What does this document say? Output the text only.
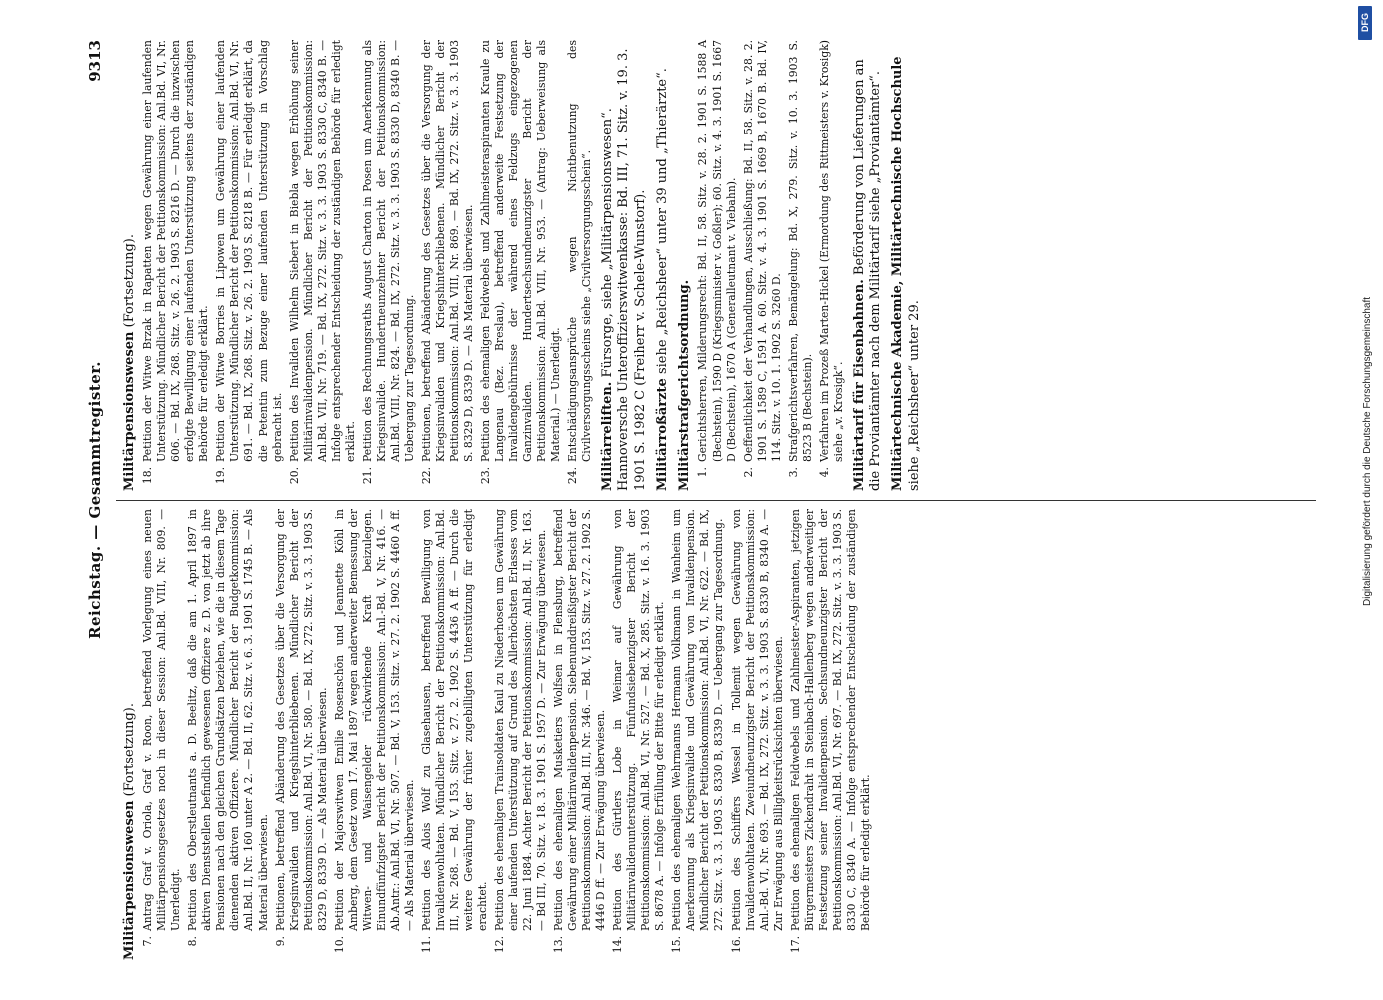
Reichstag. — Gesammtregister.
9313
Militärpensionswesen (Fortsetzung).
7.
Antrag Graf v. Oriola, Graf v. Roon, betreffend Vorlegung eines neuen Militärpensionsgesetzes noch in dieser Session: Anl.Bd. VIII, Nr. 809. — Unerledigt.
8.
Petition des Oberstleutnants a. D. Beelitz, daß die am 1. April 1897 in aktiven Dienststellen befindlich gewesenen Offiziere z. D. von jetzt ab ihre Pensionen nach den gleichen Grundsätzen beziehen, wie die in diesem Tage dienenden aktiven Offiziere. Mündlicher Bericht der Budgetkommission: Anl.Bd. II, Nr. 160 unter A 2. — Bd. II, 62. Sitz. v. 6. 3. 1901 S. 1745 B. — Als Material überwiesen.
9.
Petitionen, betreffend Abänderung des Gesetzes über die Versorgung der Kriegsinvaliden und Kriegshinterbliebenen. Mündlicher Bericht der Petitionskommission: Anl.Bd. VI, Nr. 580. — Bd. IX, 272. Sitz. v. 3. 3. 1903 S. 8329 D, 8339 D. — Als Material überwiesen.
10.
Petition der Majorswitwen Emilie Rosenschön und Jeannette Köhl in Amberg, dem Gesetz vom 17. Mai 1897 wegen anderweiter Bemessung der Witwen- und Waisengelder rückwirkende Kraft beizulegen. Einundfünfzigster Bericht der Petitionskommission: Anl.-Bd. V, Nr. 416. — Ab.Antr.: Anl.Bd. VI, Nr. 507. — Bd. V, 153. Sitz. v. 27. 2. 1902 S. 4460 A ff. — Als Material überwiesen.
11.
Petition des Alois Wolf zu Glasehausen, betreffend Bewilligung von Invalidenwohltaten. Mündlicher Bericht der Petitionskommission: Anl.Bd. III, Nr. 268. — Bd. V, 153. Sitz. v. 27. 2. 1902 S. 4436 A ff. — Durch die weitere Gewährung der früher zugebilligten Unterstützung für erledigt erachtet.
12.
Petition des ehemaligen Trainsoldaten Kaul zu Niederhosen um Gewährung einer laufenden Unterstützung auf Grund des Allerhöchsten Erlasses vom 22. Juni 1884. Achter Bericht der Petitionskommission: Anl.Bd. II, Nr. 163. — Bd III, 70. Sitz. v. 18. 3. 1901 S. 1957 D. — Zur Erwägung überwiesen.
13.
Petition des ehemaligen Musketiers Wolfsen in Flensburg, betreffend Gewährung einer Militärinvalidenpension. Siebenunddreißigster Bericht der Petitionskommission: Anl.Bd. III, Nr. 346. — Bd. V, 153. Sitz. v. 27. 2. 1902 S. 4446 D ff. — Zur Erwägung überwiesen.
14.
Petition des Gürtlers Lobe in Weimar auf Gewährung von Militärinvalidenunterstützung. Fünfundsiebenzigster Bericht der Petitionskommission: Anl.Bd. VI, Nr. 527. — Bd. X, 285. Sitz. v. 16. 3. 1903 S. 8678 A. — Infolge Erfüllung der Bitte für erledigt erklärt.
15.
Petition des ehemaligen Wehrmanns Hermann Volkmann in Wanheim um Anerkennung als Kriegsinvalide und Gewährung von Invalidenpension. Mündlicher Bericht der Petitionskommission: Anl.Bd. VI, Nr. 622. — Bd. IX, 272. Sitz. v. 3. 3. 1903 S. 8330 B, 8339 D. — Uebergang zur Tagesordnung.
16.
Petition des Schiffers Wessel in Tollemit wegen Gewährung von Invalidenwohltaten. Zweiundneunzigster Bericht der Petitionskommission: Anl.-Bd. VI, Nr. 693. — Bd. IX, 272. Sitz. v. 3. 3. 1903 S. 8330 B, 8340 A. — Zur Erwägung aus Billigkeitsrücksichten überwiesen.
17.
Petition des ehemaligen Feldwebels und Zahlmeister-Aspiranten, jetzigen Bürgermeisters Zickendraht in Steinbach-Hallenberg wegen anderweitiger Festsetzung seiner Invalidenpension. Sechsundneunzigster Bericht der Petitionskommission: Anl.Bd. VI, Nr. 697. — Bd. IX, 272. Sitz. v. 3. 3. 1903 S. 8330 C, 8340 A. — Infolge entsprechender Entscheidung der zuständigen Behörde für erledigt erklärt.
Militärpensionswesen (Fortsetzung).
18.
Petition der Witwe Brzak in Rapatten wegen Gewährung einer laufenden Unterstützung. Mündlicher Bericht der Petitionskommission: Anl.Bd. VI, Nr. 606. — Bd. IX, 268. Sitz. v. 26. 2. 1903 S. 8216 D. — Durch die inzwischen erfolgte Bewilligung einer laufenden Unterstützung seitens der zuständigen Behörde für erledigt erklärt.
19.
Petition der Witwe Borries in Lipowen um Gewährung einer laufenden Unterstützung. Mündlicher Bericht der Petitionskommission: Anl.Bd. VI, Nr. 691. — Bd. IX, 268. Sitz. v. 26. 2. 1903 S. 8218 B. — Für erledigt erklärt, da die Petentin zum Bezuge einer laufenden Unterstützung in Vorschlag gebracht ist.
20.
Petition des Invaliden Wilhelm Siebert in Biebla wegen Erhöhung seiner Militärinvalidenpension. Mündlicher Bericht der Petitionskommission: Anl.Bd. VII, Nr. 719. — Bd. IX, 272. Sitz. v. 3. 3. 1903 S. 8330 C, 8340 B. — Infolge entsprechender Entscheidung der zuständigen Behörde für erledigt erklärt.
21.
Petition des Rechnungsraths August Charton in Posen um Anerkennung als Kriegsinvalide. Hundertneunzehnter Bericht der Petitionskommission: Anl.Bd. VIII, Nr. 824. — Bd. IX, 272. Sitz. v. 3. 3. 1903 S. 8330 D, 8340 B. — Uebergang zur Tagesordnung.
22.
Petitionen, betreffend Abänderung des Gesetzes über die Versorgung der Kriegsinvaliden und Kriegshinterbliebenen. Mündlicher Bericht der Petitionskommission: Anl.Bd. VIII, Nr. 869. — Bd. IX, 272. Sitz. v. 3. 3. 1903 S. 8329 D, 8339 D. — Als Material überwiesen.
23.
Petition des ehemaligen Feldwebels und Zahlmeisteraspiranten Kraule zu Langenau (Bez. Breslau), betreffend anderweite Festsetzung der Invalidengebührnisse der während eines Feldzugs eingezogenen Ganzinvaliden. Hundertsechsundneunzigster Bericht der Petitionskommission: Anl.Bd. VIII, Nr. 953. — (Antrag: Ueberweisung als Material.) — Unerledigt.
24.
Entschädigungsansprüche wegen Nichtbenutzung des Civilversorgungsscheins siehe „Civilversorgungsschein“. Militärreliften. Fürsorge, siehe „Militärpensionswesen“. Hannoversche Unteroffizierswitwenkasse: Bd. III, 71. Sitz. v. 19. 3. 1901 S. 1982 C (Freiherr v. Schele-Wunstorf). Militärroßärzte siehe „Reichsheer“ unter 39 und „Thierärzte“.
Militärstrafgerichtsordnung. 1.
Gerichtsherren, Milderungsrecht: Bd. II, 58. Sitz. v. 28. 2. 1901 S. 1588 A (Bechstein), 1590 D (Kriegsminister v. Goßler); 60. Sitz. v. 4. 3. 1901 S. 1667 D (Bechstein), 1670 A (Generalleutnant v. Viebahn).
2.
Oeffentlichkeit der Verhandlungen, Ausschließung: Bd. II, 58. Sitz. v. 28. 2. 1901 S. 1589 C, 1591 A. 60. Sitz. v. 4. 3. 1901 S. 1669 B, 1670 B. Bd. IV, 114. Sitz. v. 10. 1. 1902 S. 3260 D.
3.
Strafgerichtsverfahren, Bemängelung: Bd. X, 279. Sitz. v. 10. 3. 1903 S. 8523 B (Bechstein).
4.
Verfahren im Prozeß Marten-Hickel (Ermordung des Rittmeisters v. Krosigk) siehe „v. Krosigk“. Militärtarif für Eisenbahnen. Beförderung von Lieferungen an die Proviantämter nach dem Militärtarif siehe „Proviantämter“. Militärtechnische Akademie, Militärtechnische Hochschule siehe „Reichsheer“ unter 29.
DFG
Digitalisierung gefördert durch die Deutsche Forschungsgemeinschaft
